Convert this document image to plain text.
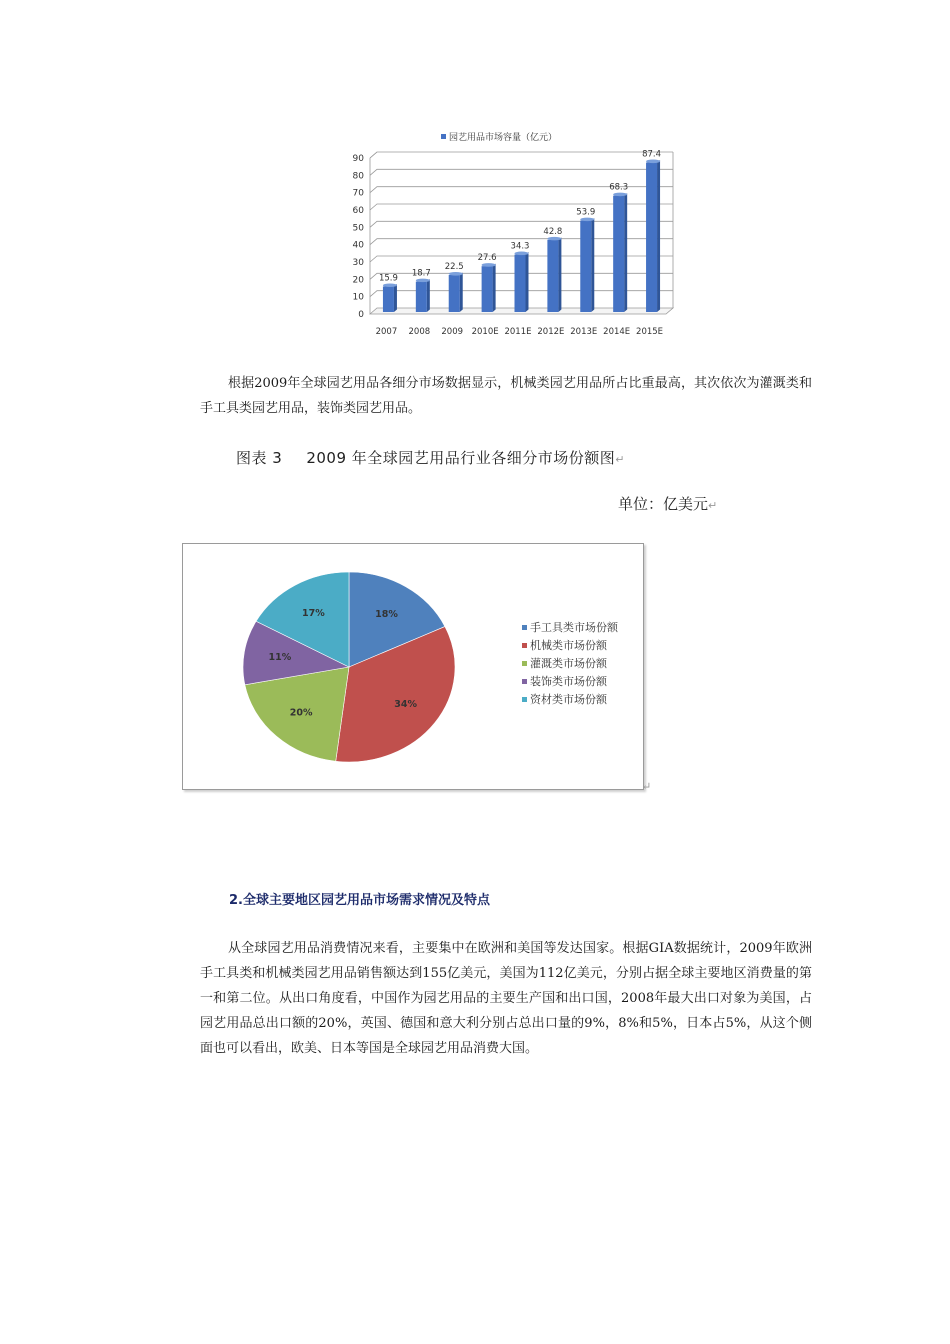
园艺用品市场容量（亿元）
0
10
20
30
40
50
60
70
80
90
15.9 18.7
22.5
27.6
34.3
42.8
53.9
68.3
87.4
2007 2008 2009 2010E 2011E 2012E 2013E 2014E 2015E

根据2009年全球园艺用品各细分市场数据显示，机械类园艺用品所占比重最高，其次依次为灌溉类和手工具类园艺用品，装饰类园艺用品。

图表 3 2009 年全球园艺用品行业各细分市场份额图↵
单位：亿美元↵
18%
34%
20%
11%
17%
手工具类市场份额
机械类市场份额
灌溉类市场份额
装饰类市场份额
资材类市场份额
↵
2.全球主要地区园艺用品市场需求情况及特点

从全球园艺用品消费情况来看，主要集中在欧洲和美国等发达国家。根据GIA数据统计，2009年欧洲手工具类和机械类园艺用品销售额达到155亿美元，美国为112亿美元，分别占据全球主要地区消费量的第一和第二位。从出口角度看，中国作为园艺用品的主要生产国和出口国，2008年最大出口对象为美国，占园艺用品总出口额的20%，英国、德国和意大利分别占总出口量的9%，8%和5%，日本占5%，从这个侧面也可以看出，欧美、日本等国是全球园艺用品消费大国。
